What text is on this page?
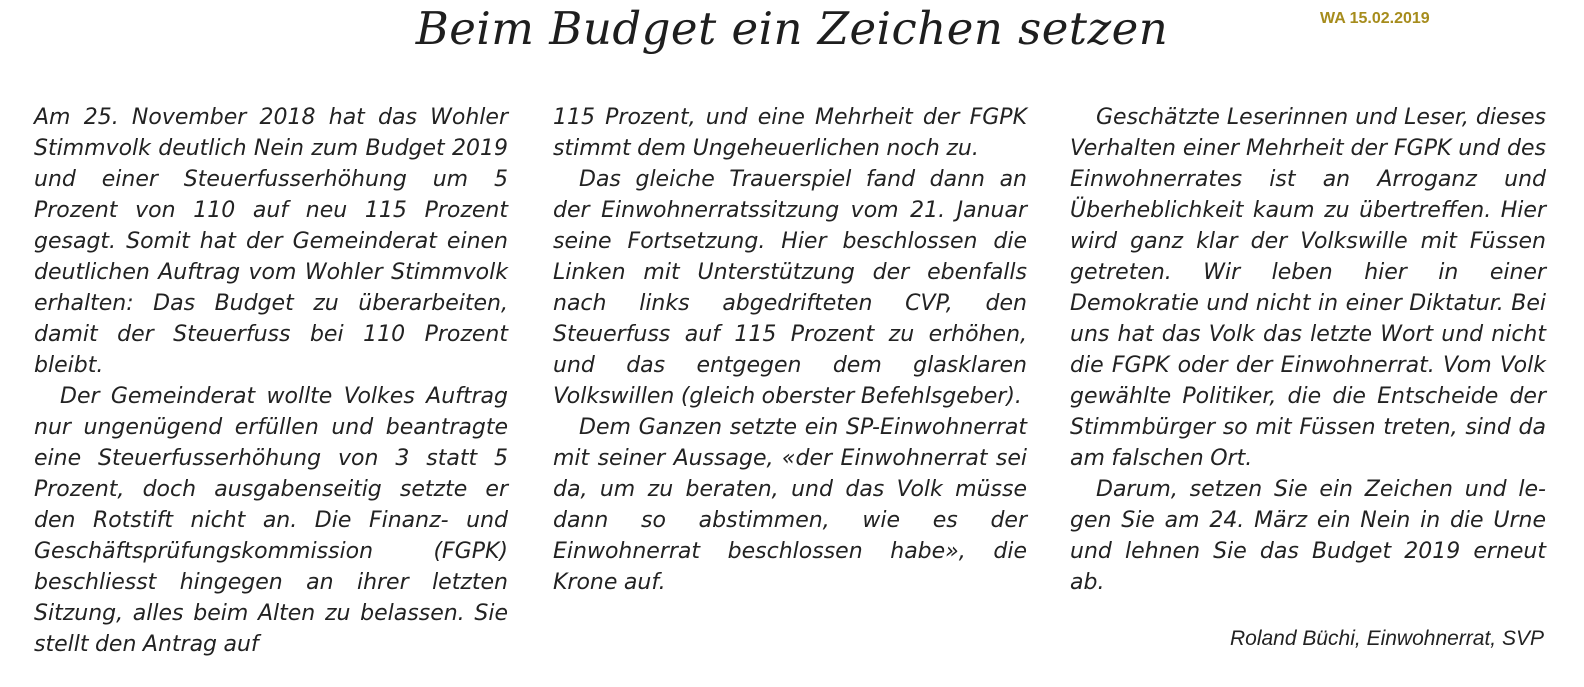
Beim Budget ein Zeichen setzen	WA 15.02.2019

Am 25. November 2018 hat das Wohler Stimmvolk deutlich Nein zum Budget 2019 und einer Steuerfusserhöhung um 5 Prozent von 110 auf neu 115 Prozent gesagt. Somit hat der Gemeinderat einen deutlichen Auftrag vom Wohler Stimmvolk erhalten: Das Budget zu überarbeiten, damit der Steuerfuss bei 110 Prozent bleibt.

Der Gemeinderat wollte Volkes Auftrag nur ungenügend erfüllen und beantragte eine Steuerfusserhöhung von 3 statt 5 Prozent, doch ausgabenseitig setzte er den Rotstift nicht an. Die Finanz- und Geschäftsprüfungskommission (FGPK) beschliesst hingegen an ihrer letzten Sitzung, alles beim Alten zu belassen. Sie stellt den Antrag auf

115 Prozent, und eine Mehrheit der FGPK stimmt dem Ungeheuerlichen noch zu.

Das gleiche Trauerspiel fand dann an der Einwohnerratssitzung vom 21. Januar seine Fortsetzung. Hier beschlossen die Linken mit Unterstützung der ebenfalls nach links abgedrifteten CVP, den Steuerfuss auf 115 Prozent zu erhöhen, und das entgegen dem glasklaren Volkswillen (gleich oberster Befehlsgeber).

Dem Ganzen setzte ein SP-Einwohnerrat mit seiner Aussage, «der Einwohnerrat sei da, um zu beraten, und das Volk müsse dann so abstimmen, wie es der Einwohnerrat beschlossen habe», die Krone auf.

Geschätzte Leserinnen und Leser, dieses Verhalten einer Mehrheit der FGPK und des Einwohnerrates ist an Arroganz und Überheblichkeit kaum zu übertreffen. Hier wird ganz klar der Volkswille mit Füssen getreten. Wir leben hier in einer Demokratie und nicht in einer Diktatur. Bei uns hat das Volk das letzte Wort und nicht die FGPK oder der Einwohnerrat. Vom Volk gewählte Politiker, die die Entscheide der Stimmbürger so mit Füssen treten, sind da am falschen Ort.

Darum, setzen Sie ein Zeichen und legen Sie am 24. März ein Nein in die Urne und lehnen Sie das Budget 2019 erneut ab.

Roland Büchi, Einwohnerrat, SVP
